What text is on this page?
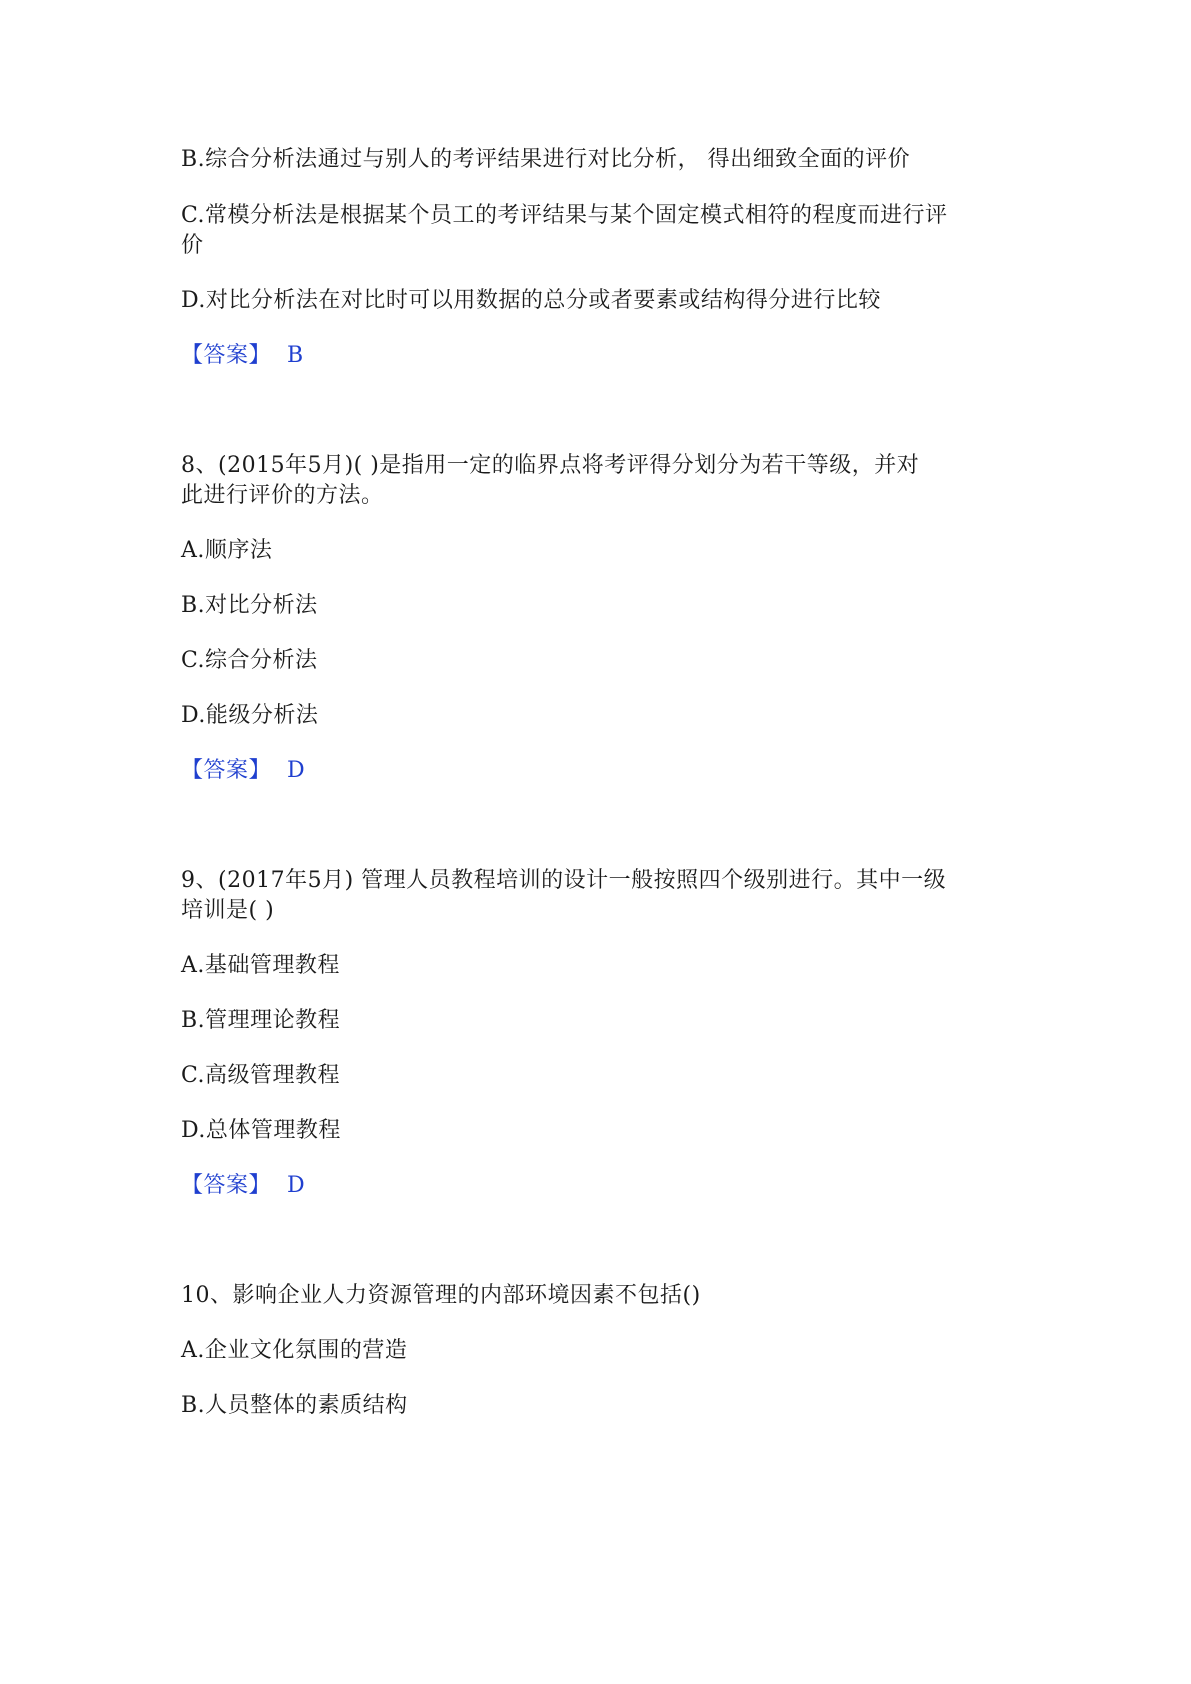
B.综合分析法通过与别人的考评结果进行对比分析， 得出细致全面的评价
C.常模分析法是根据某个员工的考评结果与某个固定模式相符的程度而进行评
价
D.对比分析法在对比时可以用数据的总分或者要素或结构得分进行比较
【答案】 B
8、(2015年5月)( )是指用一定的临界点将考评得分划分为若干等级，并对
此进行评价的方法。
A.顺序法
B.对比分析法
C.综合分析法
D.能级分析法
【答案】 D
9、(2017年5月) 管理人员教程培训的设计一般按照四个级别进行。其中一级
培训是( )
A.基础管理教程
B.管理理论教程
C.高级管理教程
D.总体管理教程
【答案】 D
10、影响企业人力资源管理的内部环境因素不包括()
A.企业文化氛围的营造
B.人员整体的素质结构
